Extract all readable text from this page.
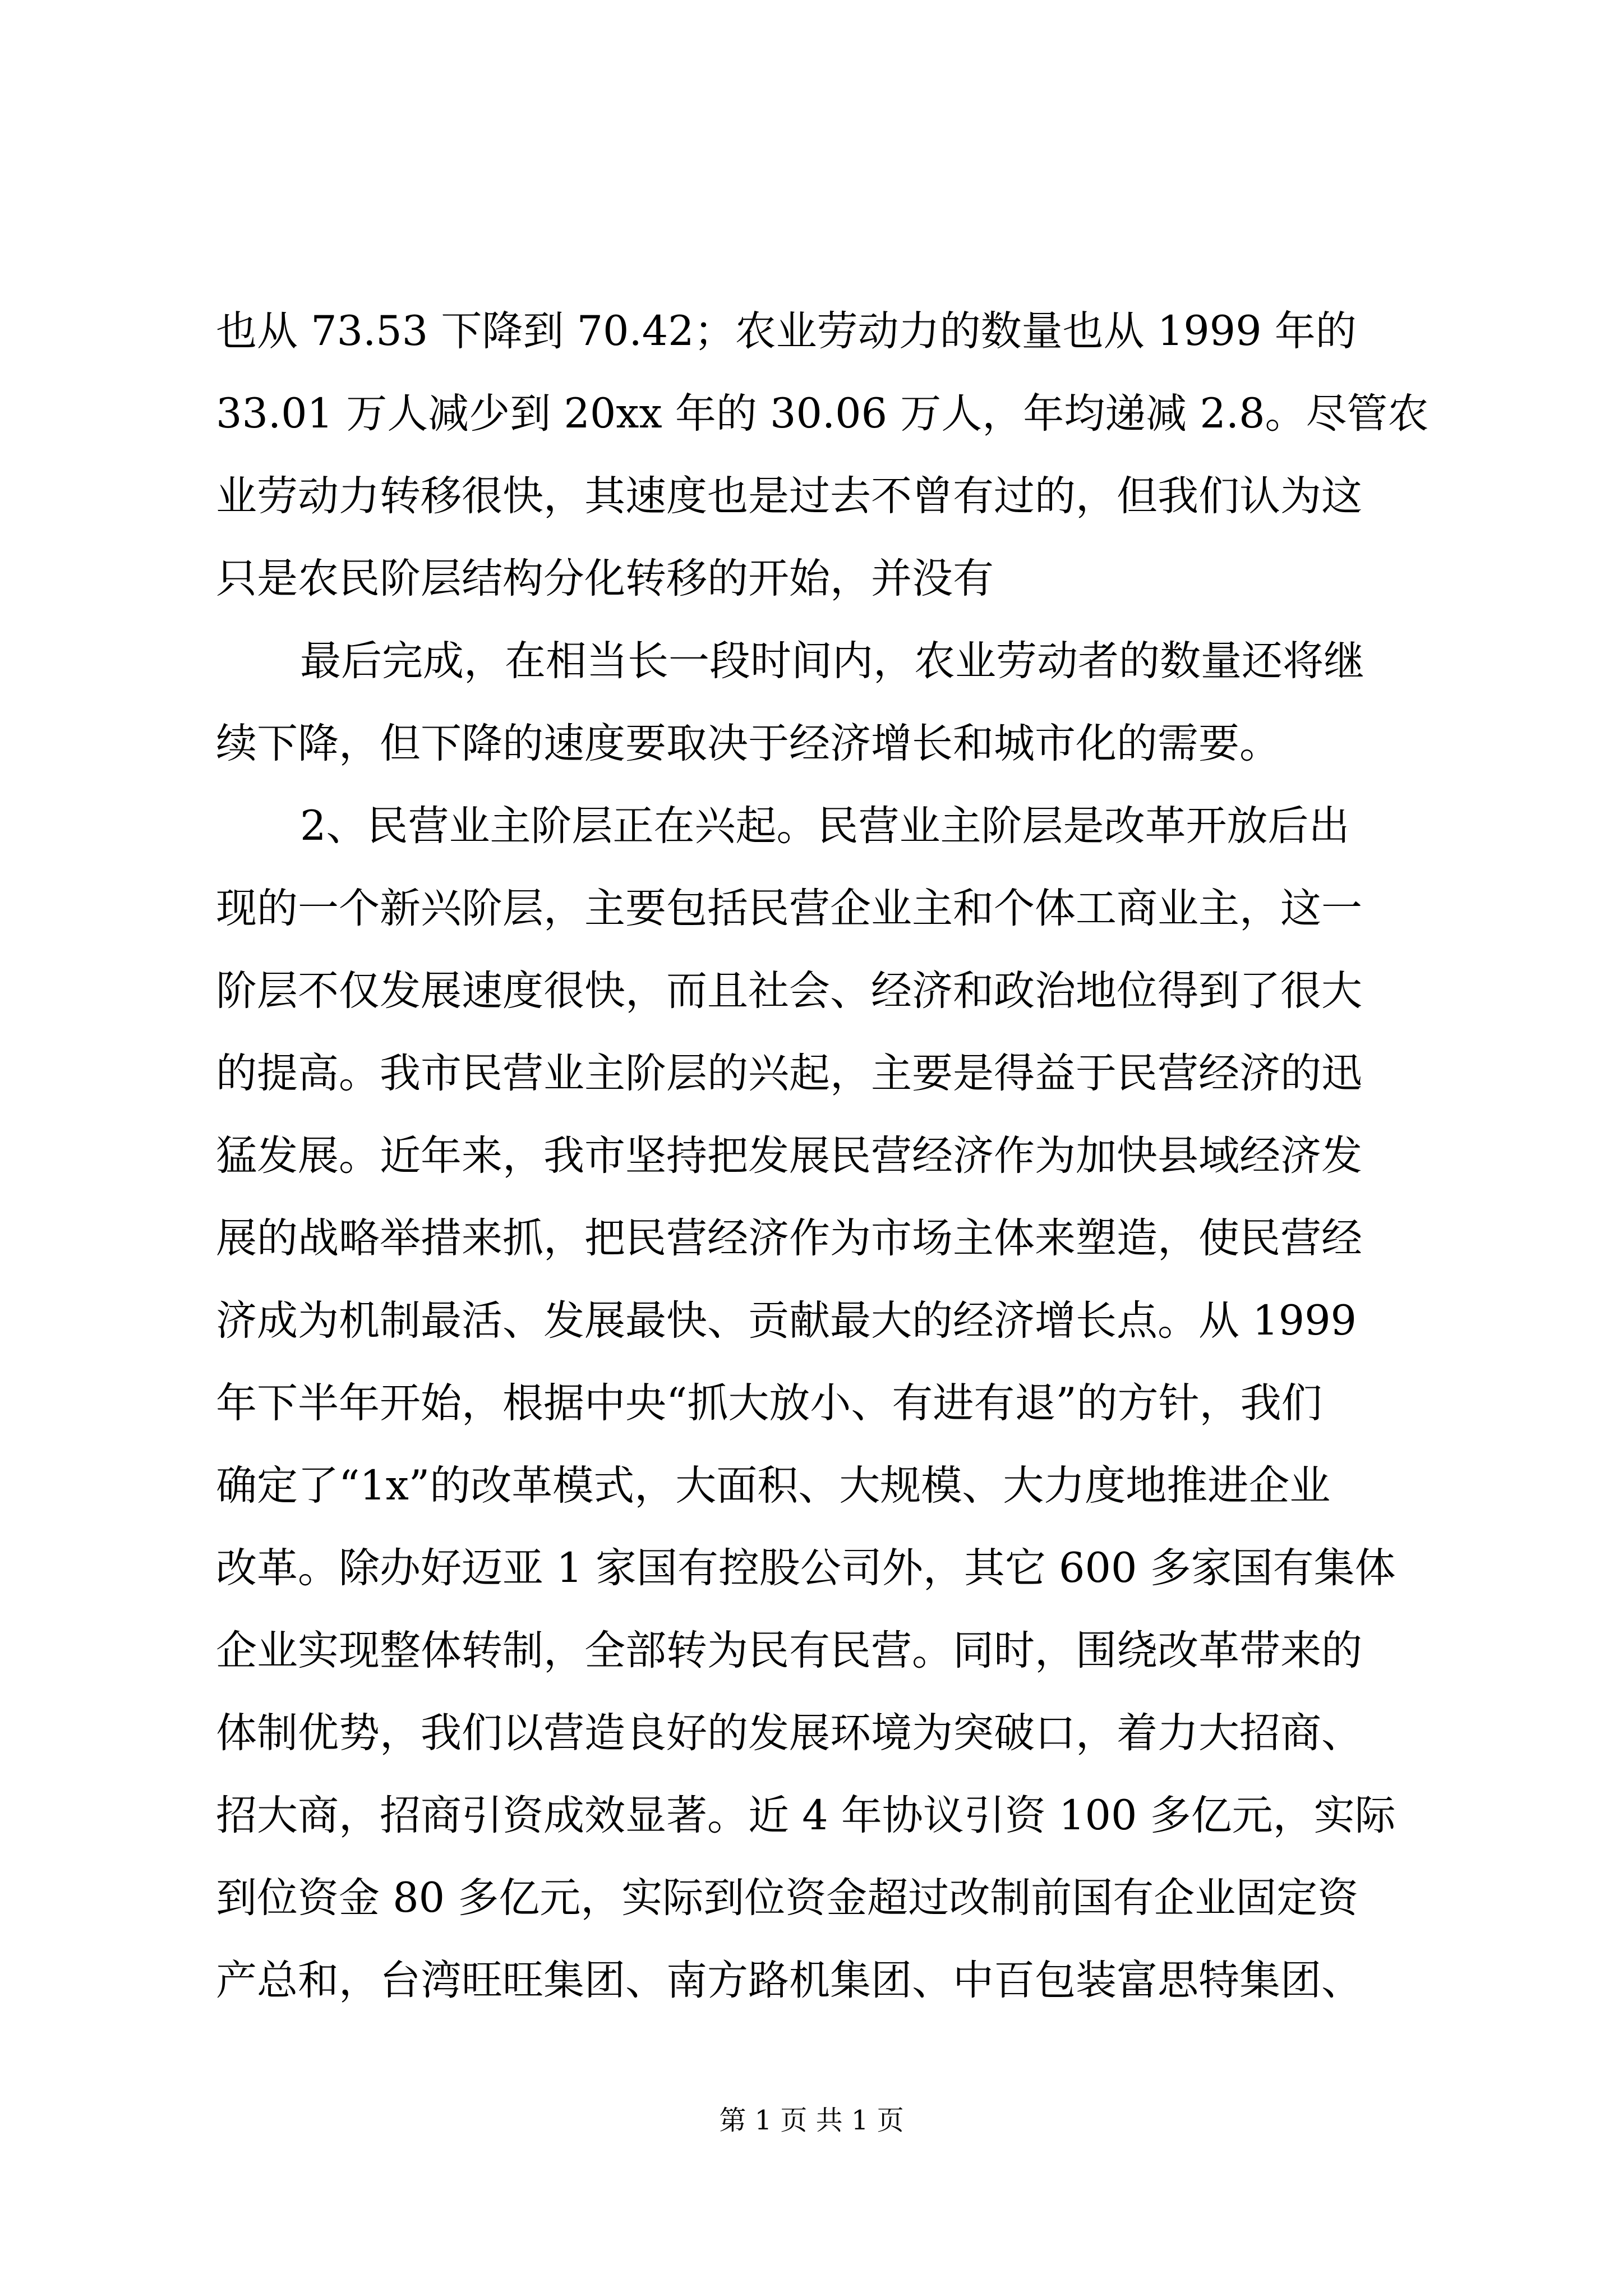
也从 73.53 下降到 70.42；农业劳动力的数量也从 1999 年的
33.01 万人减少到 20xx 年的 30.06 万人，年均递减 2.8。尽管农
业劳动力转移很快，其速度也是过去不曾有过的，但我们认为这
只是农民阶层结构分化转移的开始，并没有
最后完成，在相当长一段时间内，农业劳动者的数量还将继
续下降，但下降的速度要取决于经济增长和城市化的需要。
2、民营业主阶层正在兴起。民营业主阶层是改革开放后出
现的一个新兴阶层，主要包括民营企业主和个体工商业主，这一
阶层不仅发展速度很快，而且社会、经济和政治地位得到了很大
的提高。我市民营业主阶层的兴起，主要是得益于民营经济的迅
猛发展。近年来，我市坚持把发展民营经济作为加快县域经济发
展的战略举措来抓，把民营经济作为市场主体来塑造，使民营经
济成为机制最活、发展最快、贡献最大的经济增长点。从 1999
年下半年开始，根据中央“抓大放小、有进有退”的方针，我们
确定了“1x”的改革模式，大面积、大规模、大力度地推进企业
改革。除办好迈亚 1 家国有控股公司外，其它 600 多家国有集体
企业实现整体转制，全部转为民有民营。同时，围绕改革带来的
体制优势，我们以营造良好的发展环境为突破口，着力大招商、
招大商，招商引资成效显著。近 4 年协议引资 100 多亿元，实际
到位资金 80 多亿元，实际到位资金超过改制前国有企业固定资
产总和，台湾旺旺集团、南方路机集团、中百包装富思特集团、
第 1 页 共 1 页
